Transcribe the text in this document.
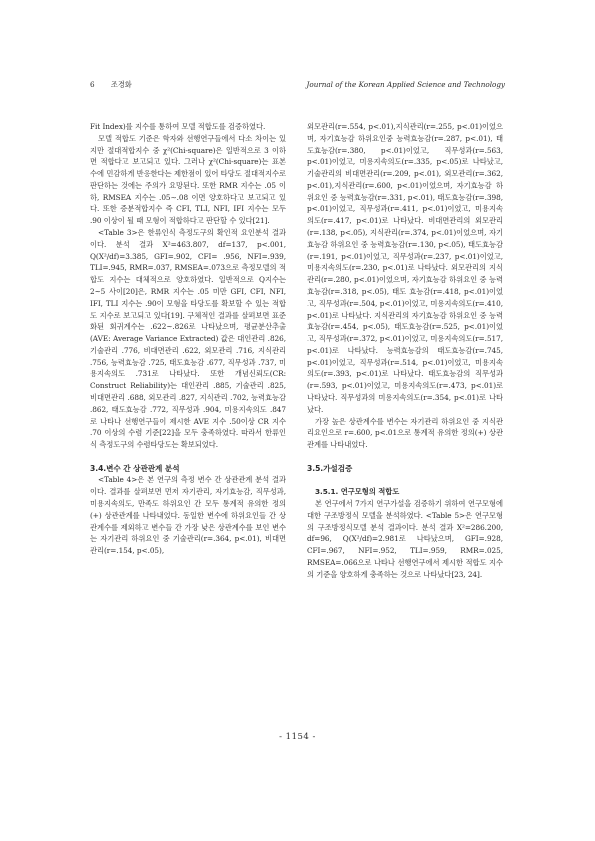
6 조경화	Journal of the Korean Applied Science and Technology

Fit Index)를 지수를 통하여 모델 적합도를 검증하였다.

모델 적합도 기준은 학자와 선행연구들에서 다소 차이는 있지만 절대적합지수 중 χ²(Chi-square)은 일반적으로 3 이하면 적합다고 보고되고 있다. 그러나 χ²(Chi-square)는 표본 수에 민감하게 반응한다는 제한점이 있어 타당도 절대적지수로 판단하는 것에는 주의가 요망된다. 또한 RMR 지수는 .05 이하, RMSEA 지수는 .05∼.08 이면 양호하다고 보고되고 있다. 또한 증분적합지수 즉 CFI, TLI, NFI, IFI 지수는 모두 .90 이상이 될 때 모형이 적합하다고 판단할 수 있다[21].

<Table 3>은 한류인식 측정도구의 확인적 요인분석 결과이다. 분석 결과 X²=463.807, df=137, p<.001, Q(X²/df)=3.385, GFI=.902, CFI= .956, NFI=.939, TLI=.945, RMR=.037, RMSEA=.073으로 측정모델의 적합도 지수는 대체적으로 양호하였다. 일반적으로 Q지수는 2~5 사이[20]은, RMR 지수는 .05 미만 GFI, CFI, NFI, IFI, TLI 지수는 .90이 모형을 타당도를 확보할 수 있는 적합도 지수로 보고되고 있다[19]. 구체적인 결과를 살펴보면 표준화된 회귀계수는 .622~.826로 나타났으며, 평균분산추출(AVE: Average Variance Extracted) 값은 대인관리 .826, 기술관리 .776, 비대면관리 .622, 외모관리 .716, 지식관리 .756, 능력효능감 .725, 태도효능감 .677, 직무성과 .737, 미용지속의도 .731로 나타났다. 또한 개념신뢰도(CR: Construct Reliability)는 대인관리 .885, 기술관리 .825, 비대면관리 .688, 외모관리 .827, 지식관리 .702, 능력효능감 .862, 태도효능감 .772, 직무성과 .904, 미용지속의도 .847로 나타나 선행연구들이 제시한 AVE 지수 .50이상 CR 지수 .70 이상의 수렴 기준[22]을 모두 충족하였다. 따라서 한류인식 측정도구의 수렴타당도는 확보되었다.

3.4.변수 간 상관관계 분석

<Table 4>은 본 연구의 측정 변수 간 상관관계 분석 결과이다. 결과를 살펴보면 먼저 자기관리, 자기효능감, 직무성과, 미용지속의도, 만족도 하위요인 간 모두 통계적 유의한 정의(+) 상관관계를 나타내었다. 동일한 변수에 하위요인들 간 상관계수를 제외하고 변수들 간 가장 낮은 상관계수를 보인 변수는 자기관리 하위요인 중 기술관리(r=.364, p<.01), 비대면관리(r=.154, p<.05),

외모관리(r=.554, p<.01),지식관리(r=.255, p<.01)이었으며, 자기효능감 하위요인중 능력효능감(r=.287, p<.01), 태도효능감(r=.380, p<.01)이었고, 직무성과(r=.563, p<.01)이었고, 미용지속의도(r=.335, p<.05)로 나타났고, 기술관리의 비대면관리(r=.209, p<.01), 외모관리(r=.362, p<.01),지식관리(r=.600, p<.01)이었으며, 자기효능감 하위요인 중 능력효능감(r=.331, p<.01), 태도효능감(r=.398, p<.01)이었고, 직무성과(r=.411, p<.01)이었고, 미용지속의도(r=.417, p<.01)로 나타났다. 비대면관리의 외모관리(r=.138, p<.05), 지식관리(r=.374, p<.01)이었으며, 자기효능감 하위요인 중 능력효능감(r=.130, p<.05), 태도효능감(r=.191, p<.01)이었고, 직무성과(r=.237, p<.01)이었고, 미용지속의도(r=.230, p<.01)로 나타났다. 외모관리의 지식관리(r=.280, p<.01)이었으며, 자기효능감 하위요인 중 능력효능감(r=.318, p<.05), 태도 효능감(r=.418, p<.01)이었고, 직무성과(r=.504, p<.01)이었고, 미용지속의도(r=.410, p<.01)로 나타났다. 지식관리의 자기효능감 하위요인 중 능력효능감(r=.454, p<.05), 태도효능감(r=.525, p<.01)이었고, 직무성과(r=.372, p<.01)이었고, 미용지속의도(r=.517, p<.01)로 나타났다. 능력효능감의 태도효능감(r=.745, p<.01)이었고, 직무성과(r=.514, p<.01)이었고, 미용지속의도(r=.393, p<.01)로 나타났다. 태도효능감의 직무성과(r=.593, p<.01)이었고, 미용지속의도(r=.473, p<.01)로 나타났다. 직무성과의 미용지속의도(r=.354, p<.01)로 나타났다.

가장 높은 상관계수를 변수는 자기관리 하위요인 중 지식관리요인으로 r=.600, p<.01으로 통계적 유의한 정의(+) 상관관계를 나타내었다.

3.5.가설검증
3.5.1. 연구모형의 적합도

본 연구에서 7가지 연구가설을 검증하기 위하여 연구모형에 대한 구조방정식 모델을 분석하였다. <Table 5>은 연구모형의 구조방정식모델 분석 결과이다. 분석 결과 X²=286.200, df=96, Q(X²/df)=2.981로 나타났으며, GFI=.928, CFI=.967, NFI=.952, TLI=.959, RMR=.025, RMSEA=.066으로 나타나 선행연구에서 제시한 적합도 지수의 기준을 양호하게 충족하는 것으로 나타났다[23, 24].

- 1154 -
